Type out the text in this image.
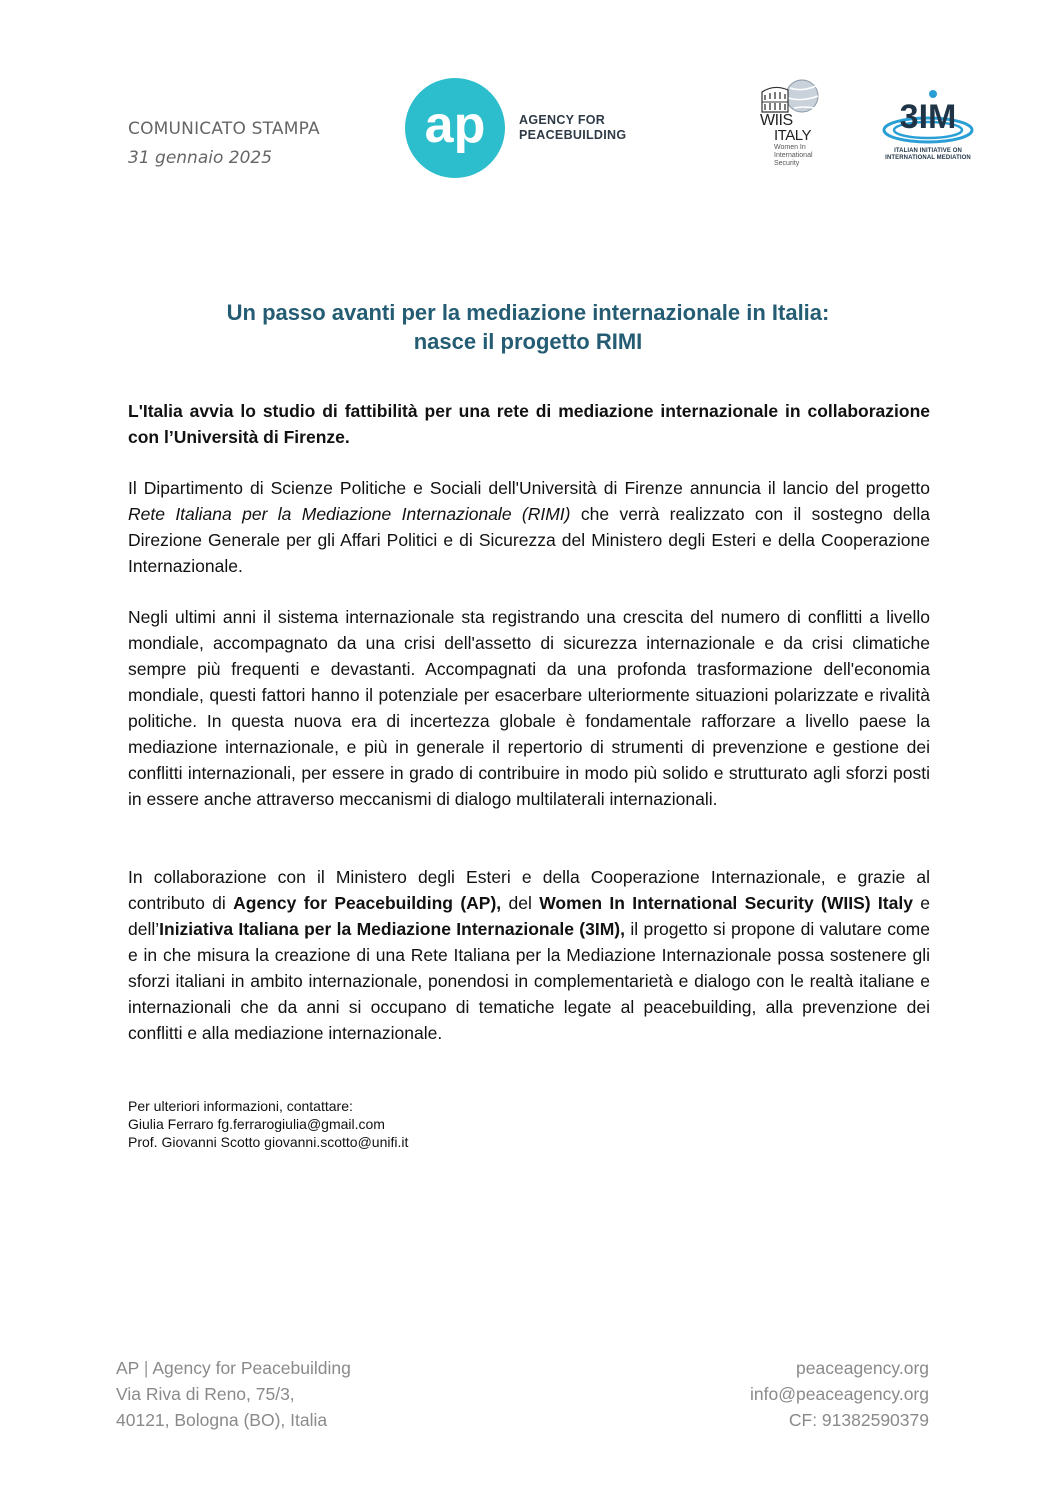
COMUNICATO STAMPA
31 gennaio 2025
ap	AGENCY FOR
PEACEBUILDING
WIIS
ITALY
Women In International Security
3IM
ITALIAN INITIATIVE ON INTERNATIONAL MEDIATION
Un passo avanti per la mediazione internazionale in Italia:
nasce il progetto RIMI
L'Italia avvia lo studio di fattibilità per una rete di mediazione internazionale in collaborazione con l’Università di Firenze.
Il Dipartimento di Scienze Politiche e Sociali dell'Università di Firenze annuncia il lancio del progetto Rete Italiana per la Mediazione Internazionale (RIMI) che verrà realizzato con il sostegno della Direzione Generale per gli Affari Politici e di Sicurezza del Ministero degli Esteri e della Cooperazione Internazionale.
Negli ultimi anni il sistema internazionale sta registrando una crescita del numero di conflitti a livello mondiale, accompagnato da una crisi dell'assetto di sicurezza internazionale e da crisi climatiche sempre più frequenti e devastanti. Accompagnati da una profonda trasformazione dell'economia mondiale, questi fattori hanno il potenziale per esacerbare ulteriormente situazioni polarizzate e rivalità politiche. In questa nuova era di incertezza globale è fondamentale rafforzare a livello paese la mediazione internazionale, e più in generale il repertorio di strumenti di prevenzione e gestione dei conflitti internazionali, per essere in grado di contribuire in modo più solido e strutturato agli sforzi posti in essere anche attraverso meccanismi di dialogo multilaterali internazionali.
In collaborazione con il Ministero degli Esteri e della Cooperazione Internazionale, e grazie al contributo di Agency for Peacebuilding (AP), del Women In International Security (WIIS) Italy e dell’Iniziativa Italiana per la Mediazione Internazionale (3IM), il progetto si propone di valutare come e in che misura la creazione di una Rete Italiana per la Mediazione Internazionale possa sostenere gli sforzi italiani in ambito internazionale, ponendosi in complementarietà e dialogo con le realtà italiane e internazionali che da anni si occupano di tematiche legate al peacebuilding, alla prevenzione dei conflitti e alla mediazione internazionale.
Per ulteriori informazioni, contattare:
Giulia Ferraro fg.ferrarogiulia@gmail.com
Prof. Giovanni Scotto giovanni.scotto@unifi.it
AP | Agency for Peacebuilding
Via Riva di Reno, 75/3,
40121, Bologna (BO), Italia
peaceagency.org
info@peaceagency.org
CF: 91382590379
